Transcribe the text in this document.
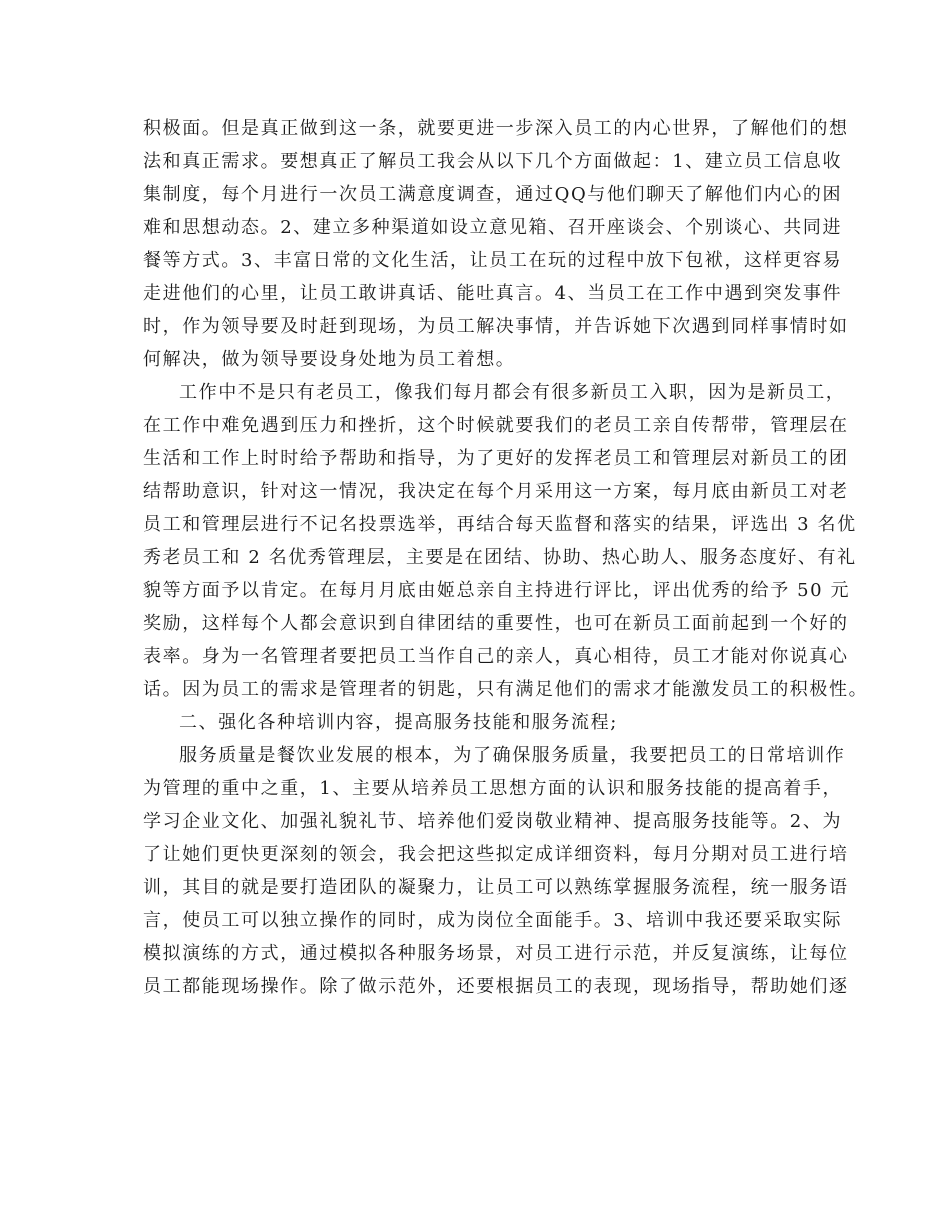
积极面。但是真正做到这一条，就要更进一步深入员工的内心世界，了解他们的想
法和真正需求。要想真正了解员工我会从以下几个方面做起：1、建立员工信息收
集制度，每个月进行一次员工满意度调查，通过QQ与他们聊天了解他们内心的困
难和思想动态。2、建立多种渠道如设立意见箱、召开座谈会、个别谈心、共同进
餐等方式。3、丰富日常的文化生活，让员工在玩的过程中放下包袱，这样更容易
走进他们的心里，让员工敢讲真话、能吐真言。4、当员工在工作中遇到突发事件
时，作为领导要及时赶到现场，为员工解决事情，并告诉她下次遇到同样事情时如
何解决，做为领导要设身处地为员工着想。
工作中不是只有老员工，像我们每月都会有很多新员工入职，因为是新员工，
在工作中难免遇到压力和挫折，这个时候就要我们的老员工亲自传帮带，管理层在
生活和工作上时时给予帮助和指导，为了更好的发挥老员工和管理层对新员工的团
结帮助意识，针对这一情况，我决定在每个月采用这一方案，每月底由新员工对老
员工和管理层进行不记名投票选举，再结合每天监督和落实的结果，评选出 3 名优
秀老员工和 2 名优秀管理层，主要是在团结、协助、热心助人、服务态度好、有礼
貌等方面予以肯定。在每月月底由姬总亲自主持进行评比，评出优秀的给予 50 元
奖励，这样每个人都会意识到自律团结的重要性，也可在新员工面前起到一个好的
表率。身为一名管理者要把员工当作自己的亲人，真心相待，员工才能对你说真心
话。因为员工的需求是管理者的钥匙，只有满足他们的需求才能激发员工的积极性。
二、强化各种培训内容，提高服务技能和服务流程;
服务质量是餐饮业发展的根本，为了确保服务质量，我要把员工的日常培训作
为管理的重中之重，1、主要从培养员工思想方面的认识和服务技能的提高着手，
学习企业文化、加强礼貌礼节、培养他们爱岗敬业精神、提高服务技能等。2、为
了让她们更快更深刻的领会，我会把这些拟定成详细资料，每月分期对员工进行培
训，其目的就是要打造团队的凝聚力，让员工可以熟练掌握服务流程，统一服务语
言，使员工可以独立操作的同时，成为岗位全面能手。3、培训中我还要采取实际
模拟演练的方式，通过模拟各种服务场景，对员工进行示范，并反复演练，让每位
员工都能现场操作。除了做示范外，还要根据员工的表现，现场指导，帮助她们逐
